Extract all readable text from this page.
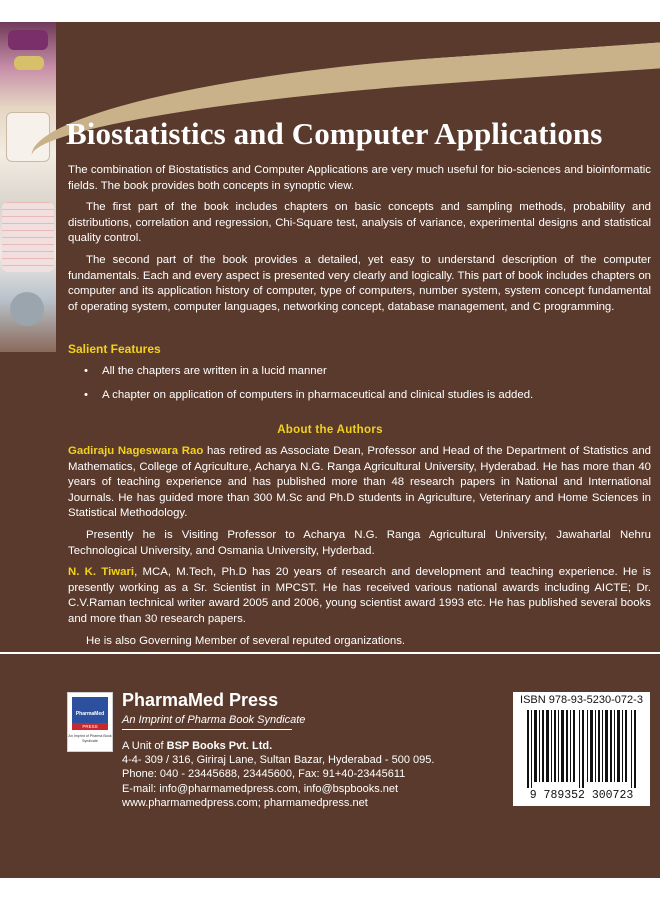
Biostatistics and Computer Applications

The combination of Biostatistics and Computer Applications are very much useful for bio-sciences and bioinformatic fields. The book provides both concepts in synoptic view.

The first part of the book includes chapters on basic concepts and sampling methods, probability and distributions, correlation and regression, Chi-Square test, analysis of variance, experimental designs and statistical quality control.

The second part of the book provides a detailed, yet easy to understand description of the computer fundamentals. Each and every aspect is presented very clearly and logically. This part of book includes chapters on computer and its application history of computer, type of computers, number system, system concept fundamental of operating system, computer languages, networking concept, database management, and C programming.

Salient Features
• All the chapters are written in a lucid manner
• A chapter on application of computers in pharmaceutical and clinical studies is added.
About the Authors

Gadiraju Nageswara Rao has retired as Associate Dean, Professor and Head of the Department of Statistics and Mathematics, College of Agriculture, Acharya N.G. Ranga Agricultural University, Hyderabad. He has more than 40 years of teaching experience and has published more than 48 research papers in National and International Journals. He has guided more than 300 M.Sc and Ph.D students in Agriculture, Veterinary and Home Sciences in Statistical Methodology.

Presently he is Visiting Professor to Acharya N.G. Ranga Agricultural University, Jawaharlal Nehru Technological University, and Osmania University, Hyderbad.

N. K. Tiwari, MCA, M.Tech, Ph.D has 20 years of research and development and teaching experience. He is presently working as a Sr. Scientist in MPCST. He has received various national awards including AICTE; Dr. C.V.Raman technical writer award 2005 and 2006, young scientist award 1993 etc. He has published several books and more than 30 research papers.

He is also Governing Member of several reputed organizations.

PharmaMed
PRESS
An Imprint of Pharma Book Syndicate
PharmaMed Press
An Imprint of Pharma Book Syndicate
A Unit of BSP Books Pvt. Ltd.
4-4- 309 / 316, Giriraj Lane, Sultan Bazar, Hyderabad - 500 095.
Phone: 040 - 23445688, 23445600, Fax: 91+40-23445611
E-mail: info@pharmamedpress.com, info@bspbooks.net
www.pharmamedpress.com; pharmamedpress.net
ISBN 978-93-5230-072-3
9 789352 300723
